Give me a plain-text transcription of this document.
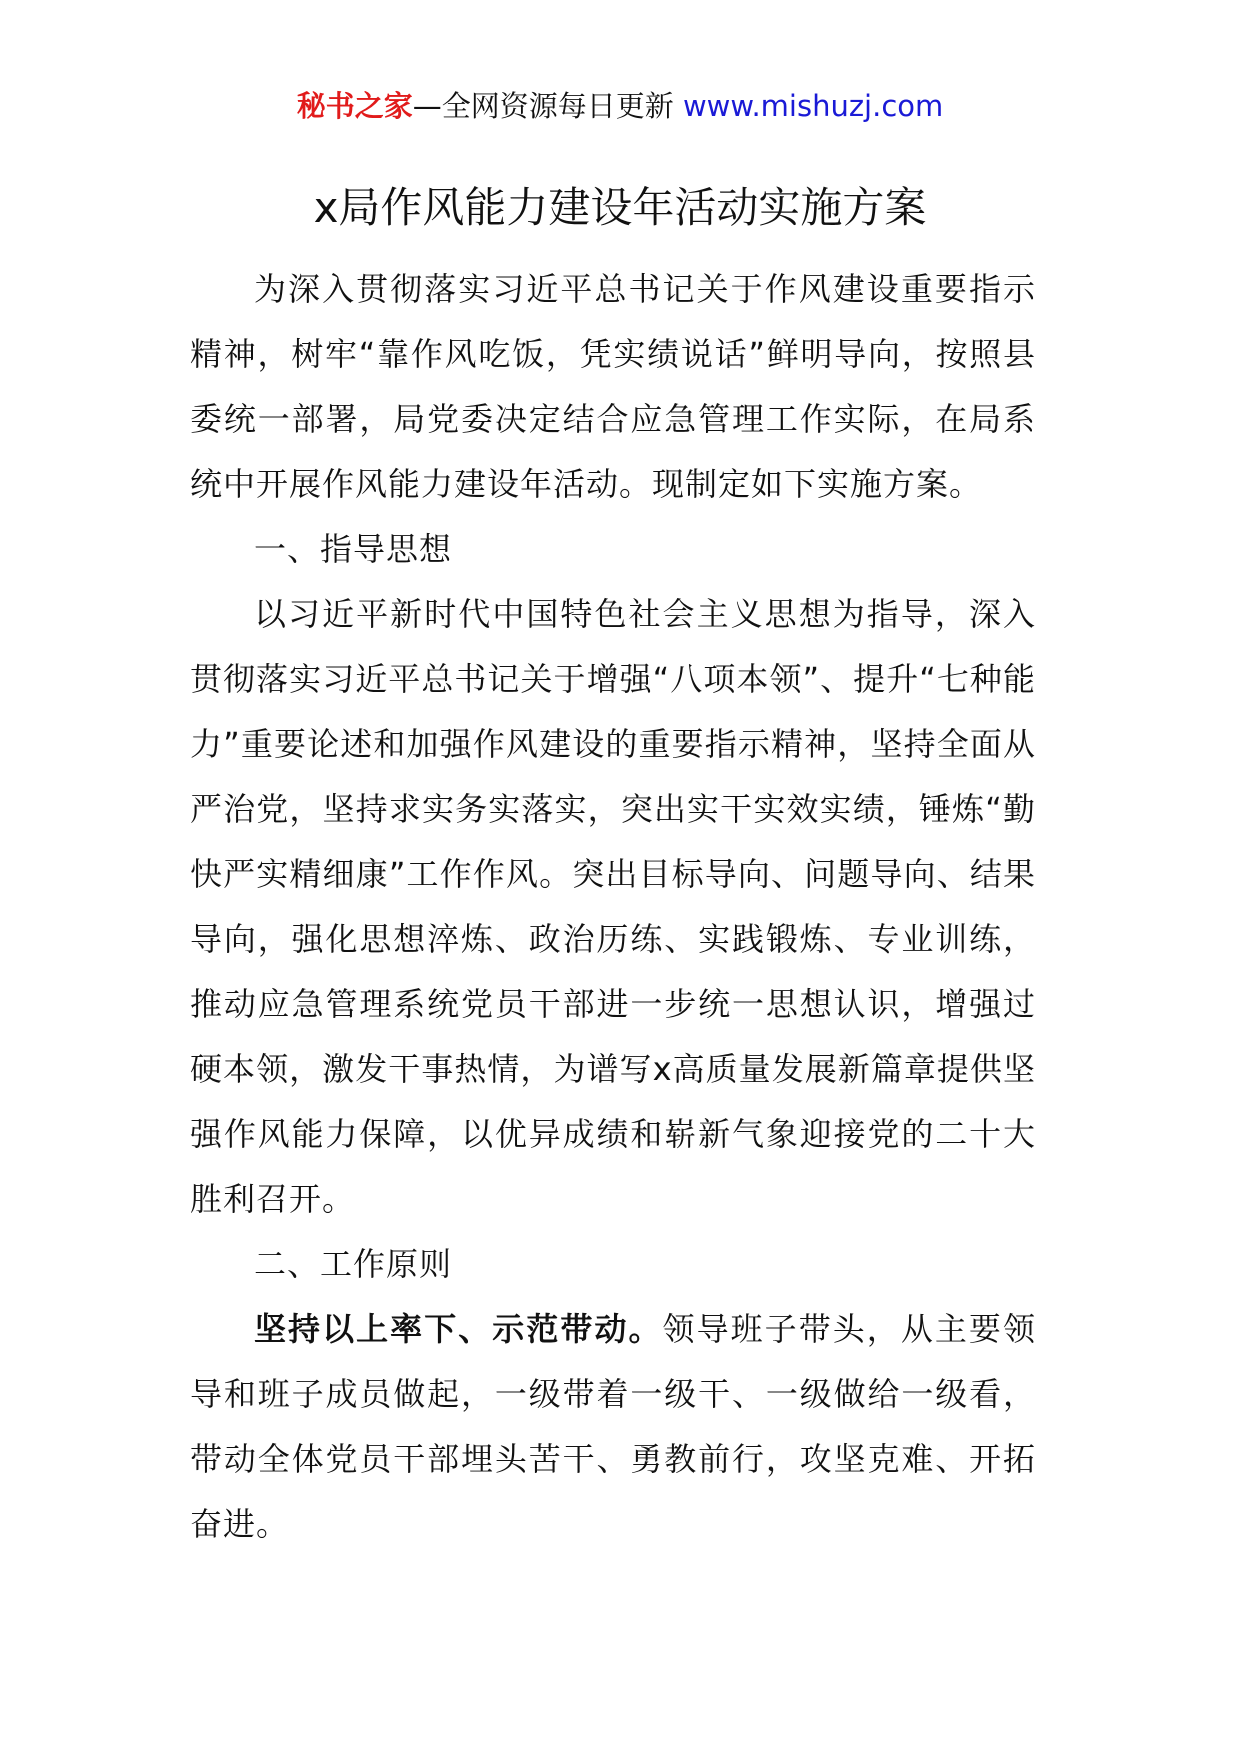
秘书之家—全网资源每日更新 www.mishuzj.com
x局作风能力建设年活动实施方案

为深入贯彻落实习近平总书记关于作风建设重要指示精神，树牢“靠作风吃饭，凭实绩说话”鲜明导向，按照县委统一部署，局党委决定结合应急管理工作实际，在局系统中开展作风能力建设年活动。现制定如下实施方案。

一、指导思想

以习近平新时代中国特色社会主义思想为指导，深入贯彻落实习近平总书记关于增强“八项本领”、提升“七种能力”重要论述和加强作风建设的重要指示精神，坚持全面从严治党，坚持求实务实落实，突出实干实效实绩，锤炼“勤快严实精细康”工作作风。突出目标导向、问题导向、结果导向，强化思想淬炼、政治历练、实践锻炼、专业训练，推动应急管理系统党员干部进一步统一思想认识，增强过硬本领，激发干事热情，为谱写x高质量发展新篇章提供坚强作风能力保障，以优异成绩和崭新气象迎接党的二十大胜利召开。

二、工作原则

坚持以上率下、示范带动。领导班子带头，从主要领导和班子成员做起，一级带着一级干、一级做给一级看，带动全体党员干部埋头苦干、勇教前行，攻坚克难、开拓奋进。
